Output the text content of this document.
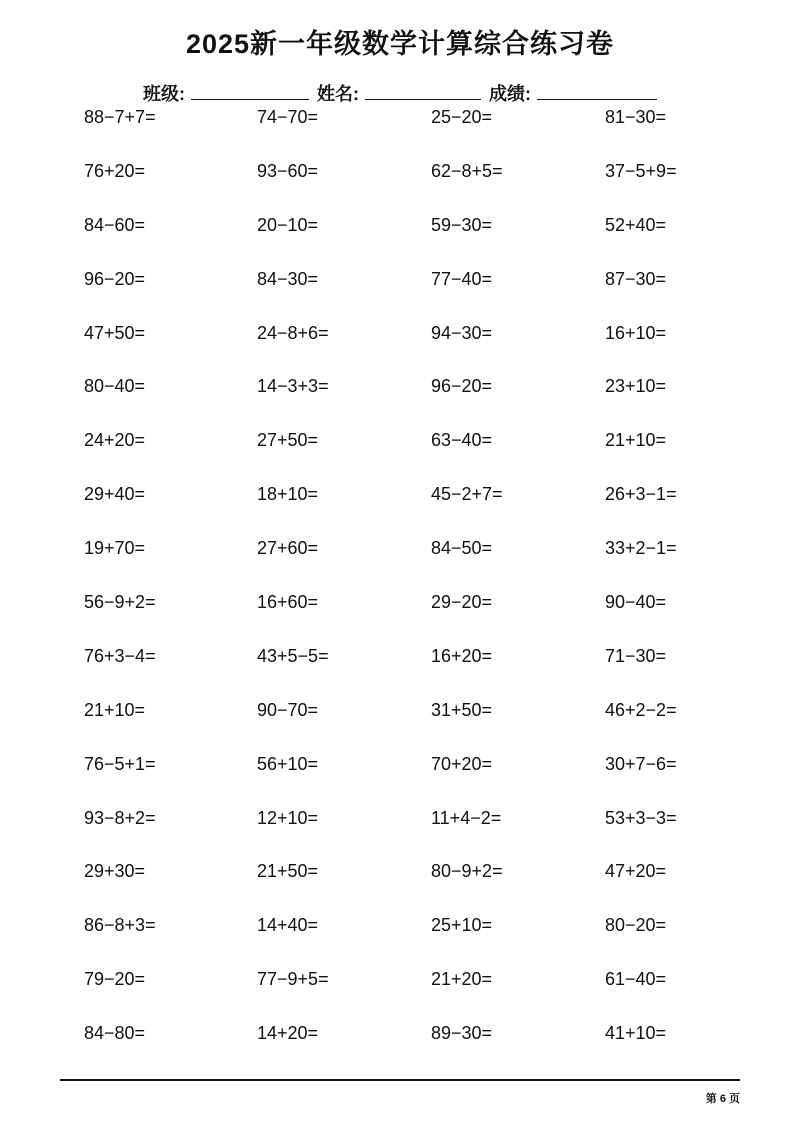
2025新一年级数学计算综合练习卷
班级:	姓名:	成绩:
88−7+7=	74−70=	25−20=	81−30=
76+20=	93−60=	62−8+5=	37−5+9=
84−60=	20−10=	59−30=	52+40=
96−20=	84−30=	77−40=	87−30=
47+50=	24−8+6=	94−30=	16+10=
80−40=	14−3+3=	96−20=	23+10=
24+20=	27+50=	63−40=	21+10=
29+40=	18+10=	45−2+7=	26+3−1=
19+70=	27+60=	84−50=	33+2−1=
56−9+2=	16+60=	29−20=	90−40=
76+3−4=	43+5−5=	16+20=	71−30=
21+10=	90−70=	31+50=	46+2−2=
76−5+1=	56+10=	70+20=	30+7−6=
93−8+2=	12+10=	11+4−2=	53+3−3=
29+30=	21+50=	80−9+2=	47+20=
86−8+3=	14+40=	25+10=	80−20=
79−20=	77−9+5=	21+20=	61−40=
84−80=	14+20=	89−30=	41+10=
第 6 页
